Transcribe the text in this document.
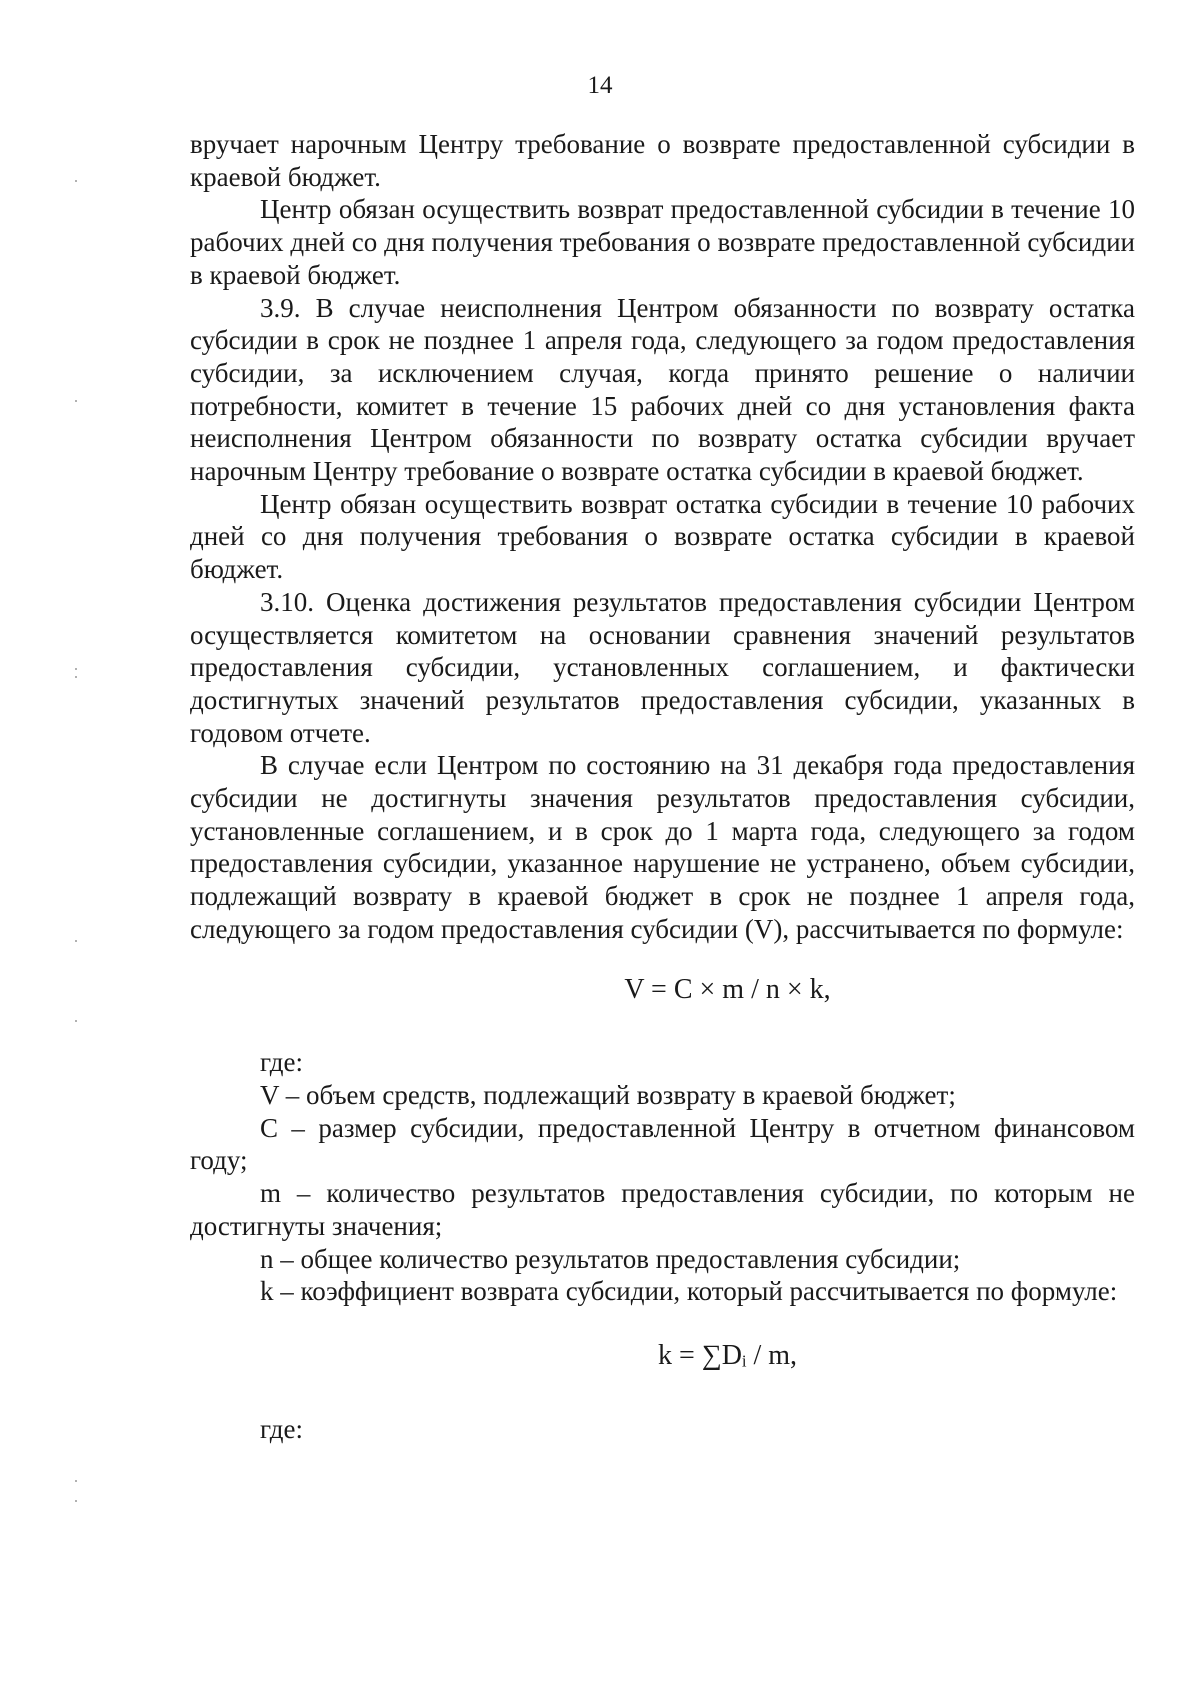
14

вручает нарочным Центру требование о возврате предоставленной субсидии в краевой бюджет.

Центр обязан осуществить возврат предоставленной субсидии в течение 10 рабочих дней со дня получения требования о возврате предоставленной субсидии в краевой бюджет.

3.9. В случае неисполнения Центром обязанности по возврату остатка субсидии в срок не позднее 1 апреля года, следующего за годом предоставления субсидии, за исключением случая, когда принято решение о наличии потребности, комитет в течение 15 рабочих дней со дня установления факта неисполнения Центром обязанности по возврату остатка субсидии вручает нарочным Центру требование о возврате остатка субсидии в краевой бюджет.

Центр обязан осуществить возврат остатка субсидии в течение 10 рабочих дней со дня получения требования о возврате остатка субсидии в краевой бюджет.

3.10. Оценка достижения результатов предоставления субсидии Центром осуществляется комитетом на основании сравнения значений результатов предоставления субсидии, установленных соглашением, и фактически достигнутых значений результатов предоставления субсидии, указанных в годовом отчете.

В случае если Центром по состоянию на 31 декабря года предоставления субсидии не достигнуты значения результатов предоставления субсидии, установленные соглашением, и в срок до 1 марта года, следующего за годом предоставления субсидии, указанное нарушение не устранено, объем субсидии, подлежащий возврату в краевой бюджет в срок не позднее 1 апреля года, следующего за годом предоставления субсидии (V), рассчитывается по формуле:

V = C × m / n × k,

где:

V – объем средств, подлежащий возврату в краевой бюджет;

C – размер субсидии, предоставленной Центру в отчетном финансовом году;

m – количество результатов предоставления субсидии, по которым не достигнуты значения;

n – общее количество результатов предоставления субсидии;

k – коэффициент возврата субсидии, который рассчитывается по формуле:

k = ∑Dᵢ / m,

где:
